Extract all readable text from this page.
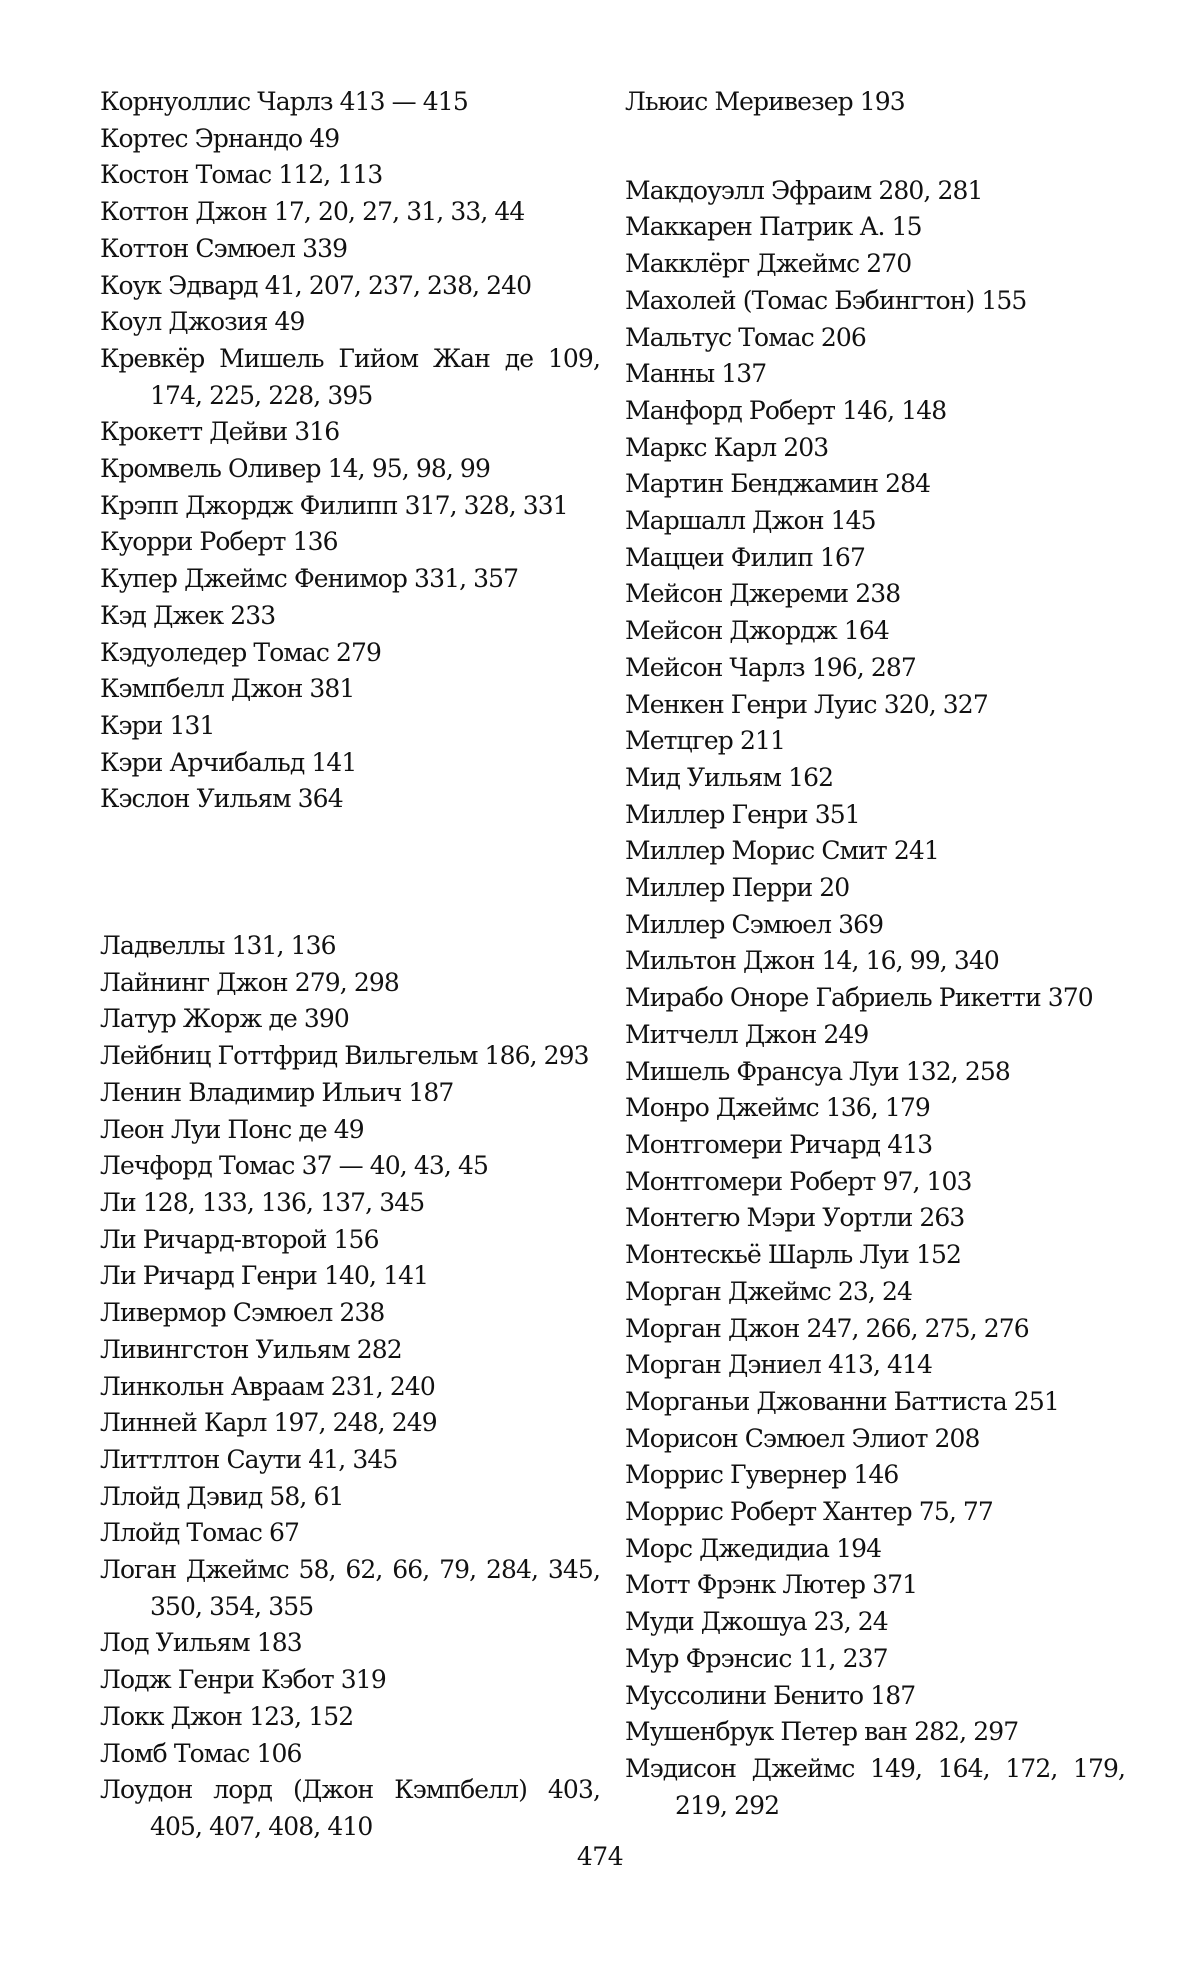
Корнуоллис Чарлз 413 — 415

Кортес Эрнандо 49

Костон Томас 112, 113

Коттон Джон 17, 20, 27, 31, 33, 44

Коттон Сэмюел 339

Коук Эдвард 41, 207, 237, 238, 240

Коул Джозия 49

Кревкёр Мишель Гийом Жан де 109, 174, 225, 228, 395

Крокетт Дейви 316

Кромвель Оливер 14, 95, 98, 99

Крэпп Джордж Филипп 317, 328, 331

Куорри Роберт 136

Купер Джеймс Фенимор 331, 357

Кэд Джек 233

Кэдуоледер Томас 279

Кэмпбелл Джон 381

Кэри 131

Кэри Арчибальд 141

Кэслон Уильям 364

Ладвеллы 131, 136

Лайнинг Джон 279, 298

Латур Жорж де 390

Лейбниц Готтфрид Вильгельм 186, 293

Ленин Владимир Ильич 187

Леон Луи Понс де 49

Лечфорд Томас 37 — 40, 43, 45

Ли 128, 133, 136, 137, 345

Ли Ричард-второй 156

Ли Ричард Генри 140, 141

Ливермор Сэмюел 238

Ливингстон Уильям 282

Линкольн Авраам 231, 240

Линней Карл 197, 248, 249

Литтлтон Саути 41, 345

Ллойд Дэвид 58, 61

Ллойд Томас 67

Логан Джеймс 58, 62, 66, 79, 284, 345, 350, 354, 355

Лод Уильям 183

Лодж Генри Кэбот 319

Локк Джон 123, 152

Ломб Томас 106

Лоудон лорд (Джон Кэмпбелл) 403, 405, 407, 408, 410

Льюис Меривезер 193

Макдоуэлл Эфраим 280, 281

Маккарен Патрик А. 15

Макклёрг Джеймс 270

Махолей (Томас Бэбингтон) 155

Мальтус Томас 206

Манны 137

Манфорд Роберт 146, 148

Маркс Карл 203

Мартин Бенджамин 284

Маршалл Джон 145

Маццеи Филип 167

Мейсон Джереми 238

Мейсон Джордж 164

Мейсон Чарлз 196, 287

Менкен Генри Луис 320, 327

Метцгер 211

Мид Уильям 162

Миллер Генри 351

Миллер Морис Смит 241

Миллер Перри 20

Миллер Сэмюел 369

Мильтон Джон 14, 16, 99, 340

Мирабо Оноре Габриель Рикетти 370

Митчелл Джон 249

Мишель Франсуа Луи 132, 258

Монро Джеймс 136, 179

Монтгомери Ричард 413

Монтгомери Роберт 97, 103

Монтегю Мэри Уортли 263

Монтескьё Шарль Луи 152

Морган Джеймс 23, 24

Морган Джон 247, 266, 275, 276

Морган Дэниел 413, 414

Морганьи Джованни Баттиста 251

Морисон Сэмюел Элиот 208

Моррис Гувернер 146

Моррис Роберт Хантер 75, 77

Морс Джедидиа 194

Мотт Фрэнк Лютер 371

Муди Джошуа 23, 24

Мур Фрэнсис 11, 237

Муссолини Бенито 187

Мушенбрук Петер ван 282, 297

Мэдисон Джеймс 149, 164, 172, 179, 219, 292

474
